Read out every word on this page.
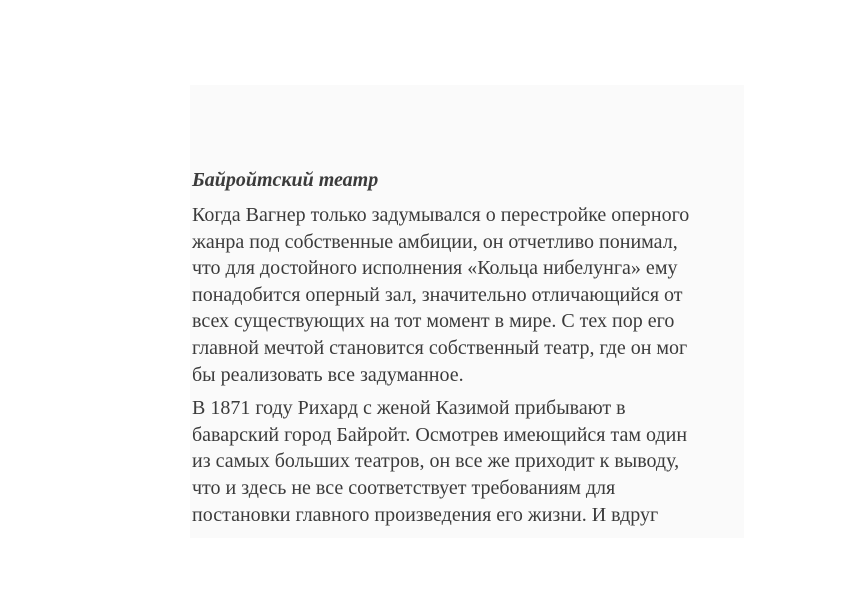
Байройтский театр

Когда Вагнер только задумывался о перестройке оперного
жанра под собственные амбиции, он отчетливо понимал,
что для достойного исполнения «Кольца нибелунга» ему
понадобится оперный зал, значительно отличающийся от
всех существующих на тот момент в мире. С тех пор его
главной мечтой становится собственный театр, где он мог
бы реализовать все задуманное.

В 1871 году Рихард с женой Казимой прибывают в
баварский город Байройт. Осмотрев имеющийся там один
из самых больших театров, он все же приходит к выводу,
что и здесь не все соответствует требованиям для
постановки главного произведения его жизни. И вдруг
